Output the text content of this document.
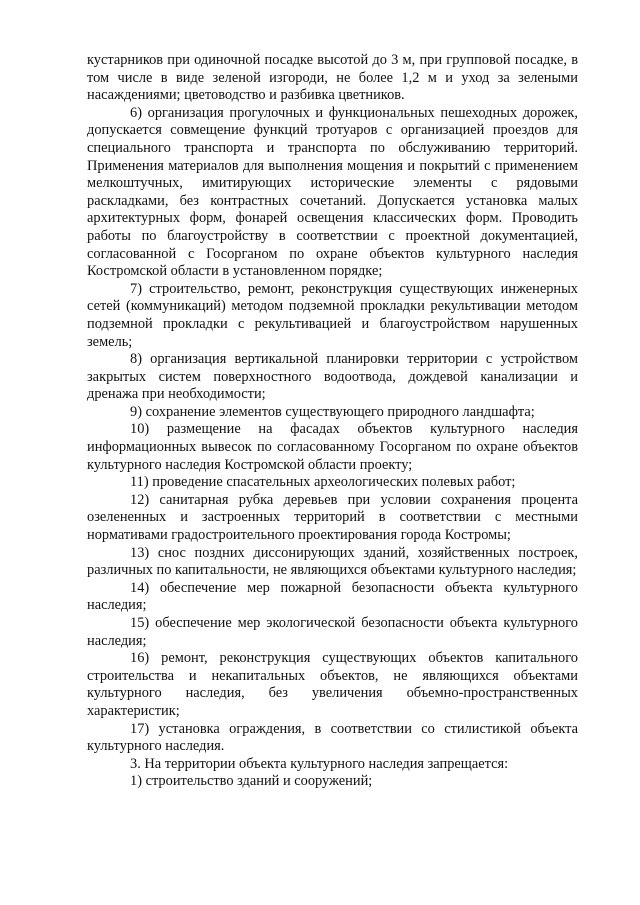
кустарников при одиночной посадке высотой до 3 м, при групповой посадке, в том числе в виде зеленой изгороди, не более 1,2 м и уход за зелеными насаждениями; цветоводство и разбивка цветников.

6) организация прогулочных и функциональных пешеходных дорожек, допускается совмещение функций тротуаров с организацией проездов для специального транспорта и транспорта по обслуживанию территорий. Применения материалов для выполнения мощения и покрытий с применением мелкоштучных, имитирующих исторические элементы с рядовыми раскладками, без контрастных сочетаний. Допускается установка малых архитектурных форм, фонарей освещения классических форм. Проводить работы по благоустройству в соответствии с проектной документацией, согласованной с Госорганом по охране объектов культурного наследия Костромской области в установленном порядке;

7) строительство, ремонт, реконструкция существующих инженерных сетей (коммуникаций) методом подземной прокладки рекультивации методом подземной прокладки с рекультивацией и благоустройством нарушенных земель;

8) организация вертикальной планировки территории с устройством закрытых систем поверхностного водоотвода, дождевой канализации и дренажа при необходимости;

9) сохранение элементов существующего природного ландшафта;

10) размещение на фасадах объектов культурного наследия информационных вывесок по согласованному Госорганом по охране объектов культурного наследия Костромской области проекту;

11) проведение спасательных археологических полевых работ;

12) санитарная рубка деревьев при условии сохранения процента озелененных и застроенных территорий в соответствии с местными нормативами градостроительного проектирования города Костромы;

13) снос поздних диссонирующих зданий, хозяйственных построек, различных по капитальности, не являющихся объектами культурного наследия;

14) обеспечение мер пожарной безопасности объекта культурного наследия;

15) обеспечение мер экологической безопасности объекта культурного наследия;

16) ремонт, реконструкция существующих объектов капитального строительства и некапитальных объектов, не являющихся объектами культурного наследия, без увеличения объемно-пространственных характеристик;

17) установка ограждения, в соответствии со стилистикой объекта культурного наследия.

3. На территории объекта культурного наследия запрещается:

1) строительство зданий и сооружений;
